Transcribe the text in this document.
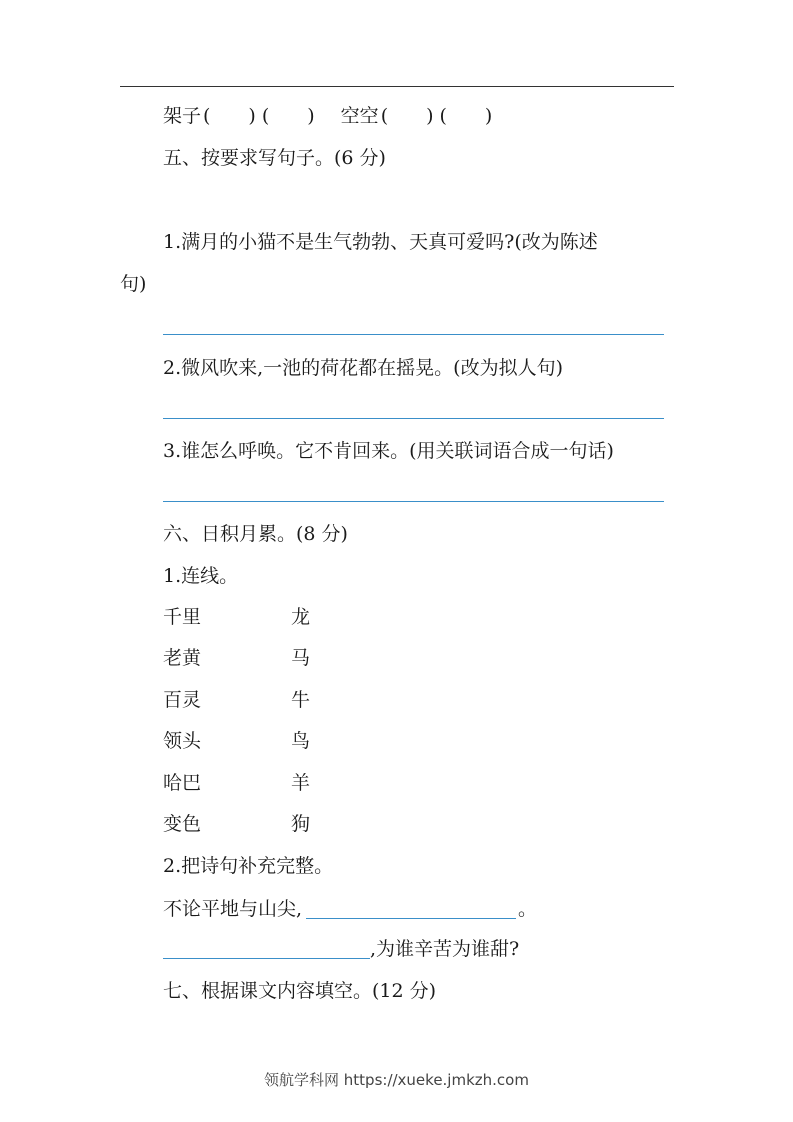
架子 (　　) (　　) 空空 (　　) (　　)
五、按要求写句子。(6 分)
1.满月的小猫不是生气勃勃、天真可爱吗?(改为陈述
句)
2.微风吹来,一池的荷花都在摇晃。(改为拟人句)
3.谁怎么呼唤。它不肯回来。(用关联词语合成一句话)
六、日积月累。(8 分)
1.连线。
千里	龙
老黄	马
百灵	牛
领头	鸟
哈巴	羊
变色	狗
2.把诗句补充完整。
不论平地与山尖,	。
,为谁辛苦为谁甜?
七、根据课文内容填空。(12 分)
领航学科网 https://xueke.jmkzh.com
